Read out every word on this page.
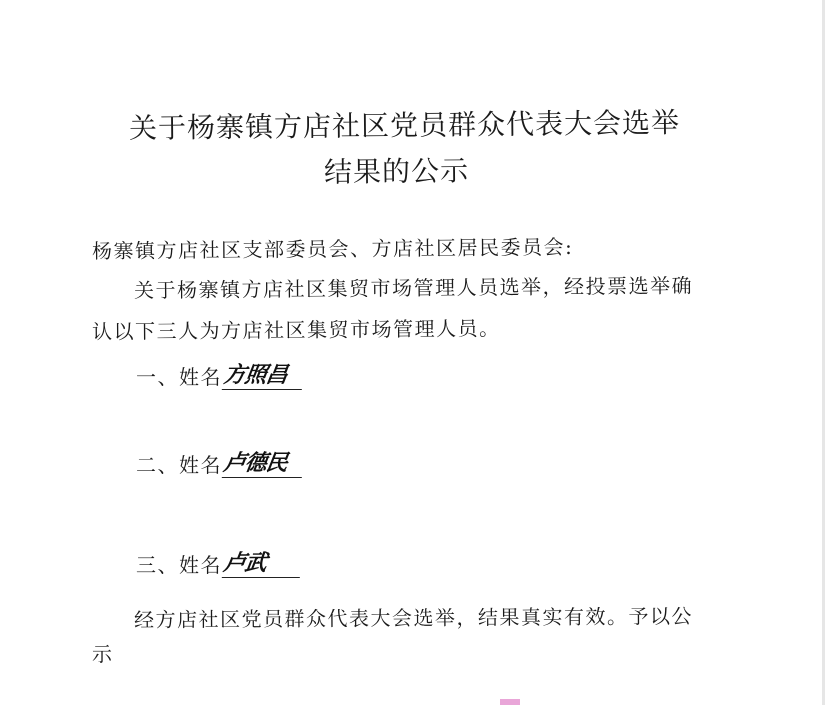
关于杨寨镇方店社区党员群众代表大会选举
结果的公示
杨寨镇方店社区支部委员会、方店社区居民委员会:
关于杨寨镇方店社区集贸市场管理人员选举，经投票选举确
认以下三人为方店社区集贸市场管理人员。
一、姓名 方照昌
二、姓名 卢德民
三、姓名 卢武
经方店社区党员群众代表大会选举，结果真实有效。予以公
示
